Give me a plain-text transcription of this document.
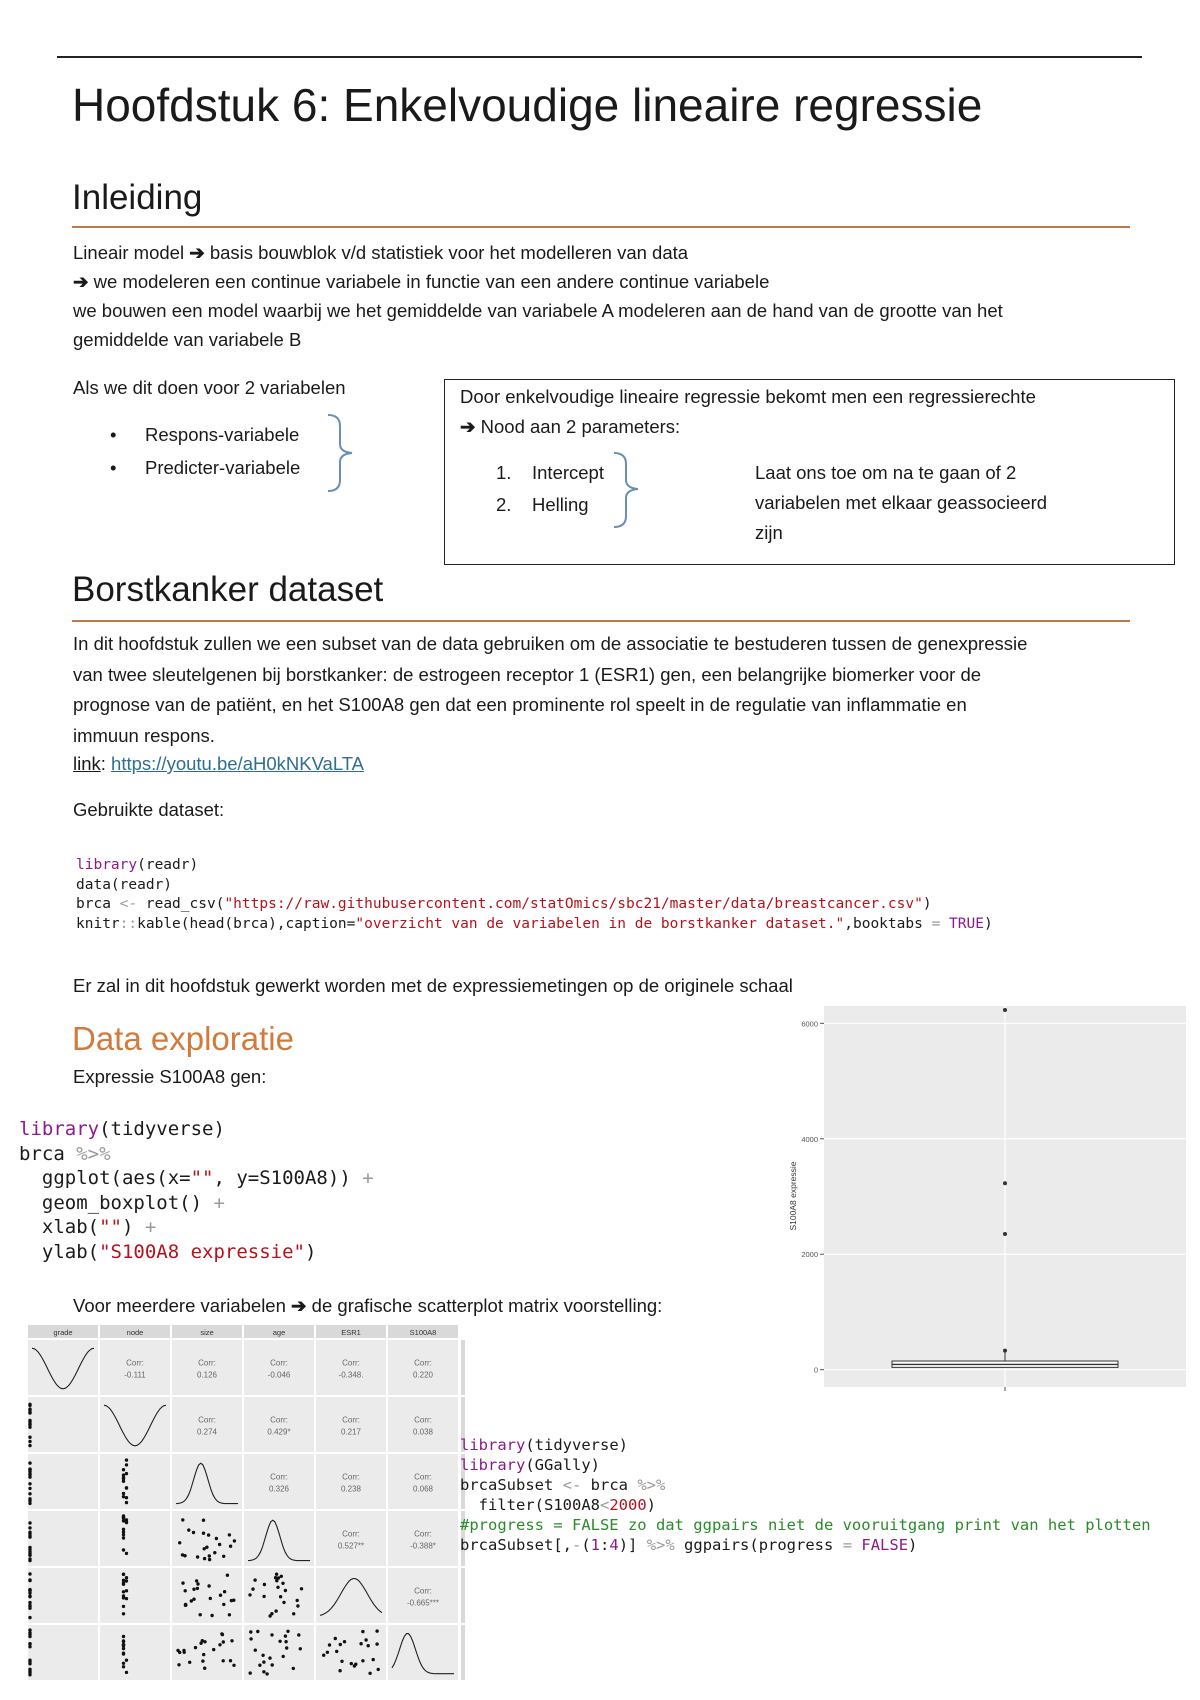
Hoofdstuk 6: Enkelvoudige lineaire regressie
Inleiding
Lineair model ➔ basis bouwblok v/d statistiek voor het modelleren van data
➔ we modeleren een continue variabele in functie van een andere continue variabele
we bouwen een model waarbij we het gemiddelde van variabele A modeleren aan de hand van de grootte van het
gemiddelde van variabele B
Als we dit doen voor 2 variabelen
• Respons-variabele
• Predicter-variabele
Door enkelvoudige lineaire regressie bekomt men een regressierechte
➔ Nood aan 2 parameters:
1.    Intercept
2.    Helling
Laat ons toe om na te gaan of 2
variabelen met elkaar geassocieerd
zijn
Borstkanker dataset
In dit hoofdstuk zullen we een subset van de data gebruiken om de associatie te bestuderen tussen de genexpressie
van twee sleutelgenen bij borstkanker: de estrogeen receptor 1 (ESR1) gen, een belangrijke biomerker voor de
prognose van de patiënt, en het S100A8 gen dat een prominente rol speelt in de regulatie van inflammatie en
immuun respons.
link: https://youtu.be/aH0kNKVaLTA
Gebruikte dataset:
library(readr)
data(readr)
brca <- read_csv("https://raw.githubusercontent.com/statOmics/sbc21/master/data/breastcancer.csv")
knitr::kable(head(brca),caption="overzicht van de variabelen in de borstkanker dataset.",booktabs = TRUE)
Er zal in dit hoofdstuk gewerkt worden met de expressiemetingen op de originele schaal
Data exploratie
Expressie S100A8 gen:
library(tidyverse)
brca %>%
ggplot(aes(x="", y=S100A8)) +
geom_boxplot() +
xlab("") +
ylab("S100A8 expressie")
Voor meerdere variabelen ➔ de grafische scatterplot matrix voorstelling:
S100A8 expressie
0
2000
4000
6000
grade	node	size	age	ESR1	S100A8
Corr:
-0.111
Corr:
0.126
Corr:
-0.046
Corr:
-0.348.
Corr:
0.220
Corr:
0.274
Corr:
0.429*
Corr:
0.217
Corr:
0.038
Corr:
0.326
Corr:
0.238
Corr:
0.068
Corr:
0.527**
Corr:
-0.388*
Corr:
-0.665***
library(tidyverse)
library(GGally)
brcaSubset <- brca %>%
filter(S100A8<2000)
#progress = FALSE zo dat ggpairs niet de vooruitgang print van het plotten
brcaSubset[,-(1:4)] %>% ggpairs(progress = FALSE)
